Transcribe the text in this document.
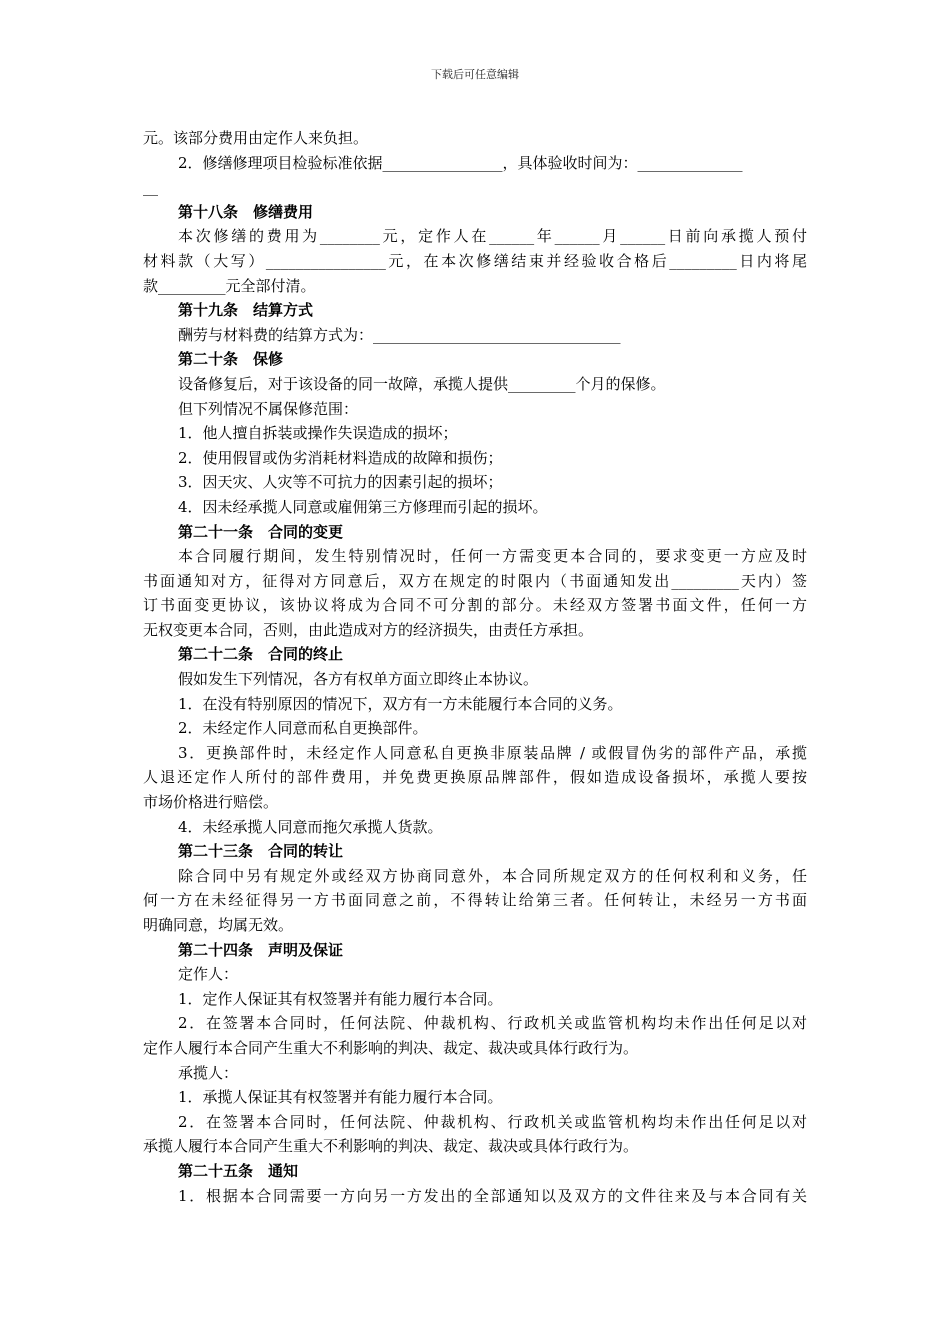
下载后可任意编辑
元。该部分费用由定作人来负担。
2．修缮修理项目检验标准依据________________，具体验收时间为：______________
__
第十八条　修缮费用
本次修缮的费用为________元，定作人在______年______月______日前向承揽人预付
材料款（大写）________________元，在本次修缮结束并经验收合格后_________日内将尾
款_________元全部付清。
第十九条　结算方式
酬劳与材料费的结算方式为：_________________________________
第二十条　保修
设备修复后，对于该设备的同一故障，承揽人提供_________个月的保修。
但下列情况不属保修范围：
1．他人擅自拆装或操作失误造成的损坏；
2．使用假冒或伪劣消耗材料造成的故障和损伤；
3．因天灾、人灾等不可抗力的因素引起的损坏；
4．因未经承揽人同意或雇佣第三方修理而引起的损坏。
第二十一条　合同的变更
本合同履行期间，发生特别情况时，任何一方需变更本合同的，要求变更一方应及时
书面通知对方，征得对方同意后，双方在规定的时限内（书面通知发出_________天内）签
订书面变更协议，该协议将成为合同不可分割的部分。未经双方签署书面文件，任何一方
无权变更本合同，否则，由此造成对方的经济损失，由责任方承担。
第二十二条　合同的终止
假如发生下列情况，各方有权单方面立即终止本协议。
1．在没有特别原因的情况下，双方有一方未能履行本合同的义务。
2．未经定作人同意而私自更换部件。
3．更换部件时，未经定作人同意私自更换非原装品牌 / 或假冒伪劣的部件产品，承揽
人退还定作人所付的部件费用，并免费更换原品牌部件，假如造成设备损坏，承揽人要按
市场价格进行赔偿。
4．未经承揽人同意而拖欠承揽人货款。
第二十三条　合同的转让
除合同中另有规定外或经双方协商同意外，本合同所规定双方的任何权利和义务，任
何一方在未经征得另一方书面同意之前，不得转让给第三者。任何转让，未经另一方书面
明确同意，均属无效。
第二十四条　声明及保证
定作人：
1．定作人保证其有权签署并有能力履行本合同。
2．在签署本合同时，任何法院、仲裁机构、行政机关或监管机构均未作出任何足以对
定作人履行本合同产生重大不利影响的判决、裁定、裁决或具体行政行为。
承揽人：
1．承揽人保证其有权签署并有能力履行本合同。
2．在签署本合同时，任何法院、仲裁机构、行政机关或监管机构均未作出任何足以对
承揽人履行本合同产生重大不利影响的判决、裁定、裁决或具体行政行为。
第二十五条　通知
1．根据本合同需要一方向另一方发出的全部通知以及双方的文件往来及与本合同有关
